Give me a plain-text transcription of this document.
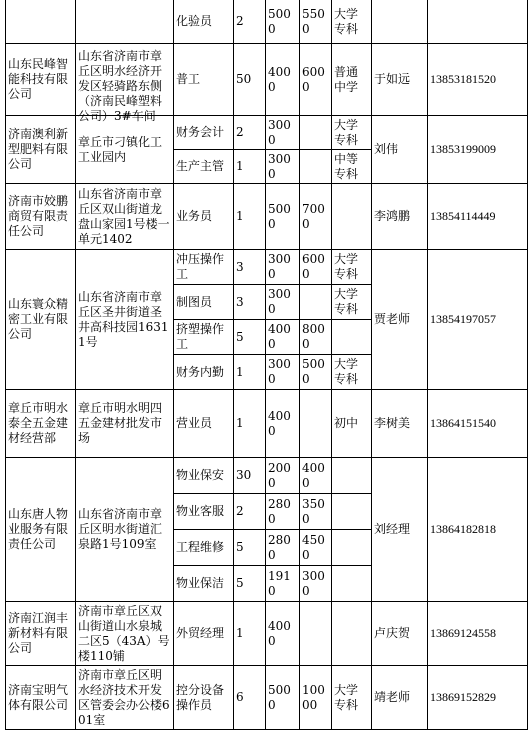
		化验员	2	5000	5500	大学专科		
山东民峰智能科技有限公司	山东省济南市章丘区明水经济开发区轻骑路东侧（济南民峰塑料公司）3#车间	普工	50	4000	6000	普通中学	于如远	13853181520
济南澳利新型肥料有限公司	章丘市刁镇化工工业园内	财务会计	2	3000		大学专科	刘伟	13853199009
		生产主管	1	3000		中等专科		
济南市姣鹏商贸有限责任公司	山东省济南市章丘区双山街道龙盘山家园1号楼一单元1402	业务员	1	5000	7000		李鸿鹏	13854114449
山东寰众精密工业有限公司	山东省济南市章丘区圣井街道圣井高科技园16311号	冲压操作工	3	3000	6000	大学专科	贾老师	13854197057
		制图员	3	3000		大学专科		
		挤塑操作工	5	4000	8000			
		财务内勤	1	3000	5000	大学专科		
章丘市明水泰全五金建材经营部	章丘市明水明四五金建材批发市场	营业员	1	4000		初中	李树美	13864151540
山东唐人物业服务有限责任公司	山东省济南市章丘区明水街道汇泉路1号109室	物业保安	30	2000	4000		刘经理	13864182818
		物业客服	2	2800	3500			
		工程维修	5	2800	4500			
		物业保洁	5	1910	3000			
济南江润丰新材料有限公司	济南市章丘区双山街道山水泉城二区5（43A）号楼110铺	外贸经理	1	4000			卢庆贺	13869124558
济南宝明气体有限公司	济南市章丘区明水经济技术开发区管委会办公楼601室	控分设备操作员	6	5000	10000	大学专科	靖老师	13869152829
